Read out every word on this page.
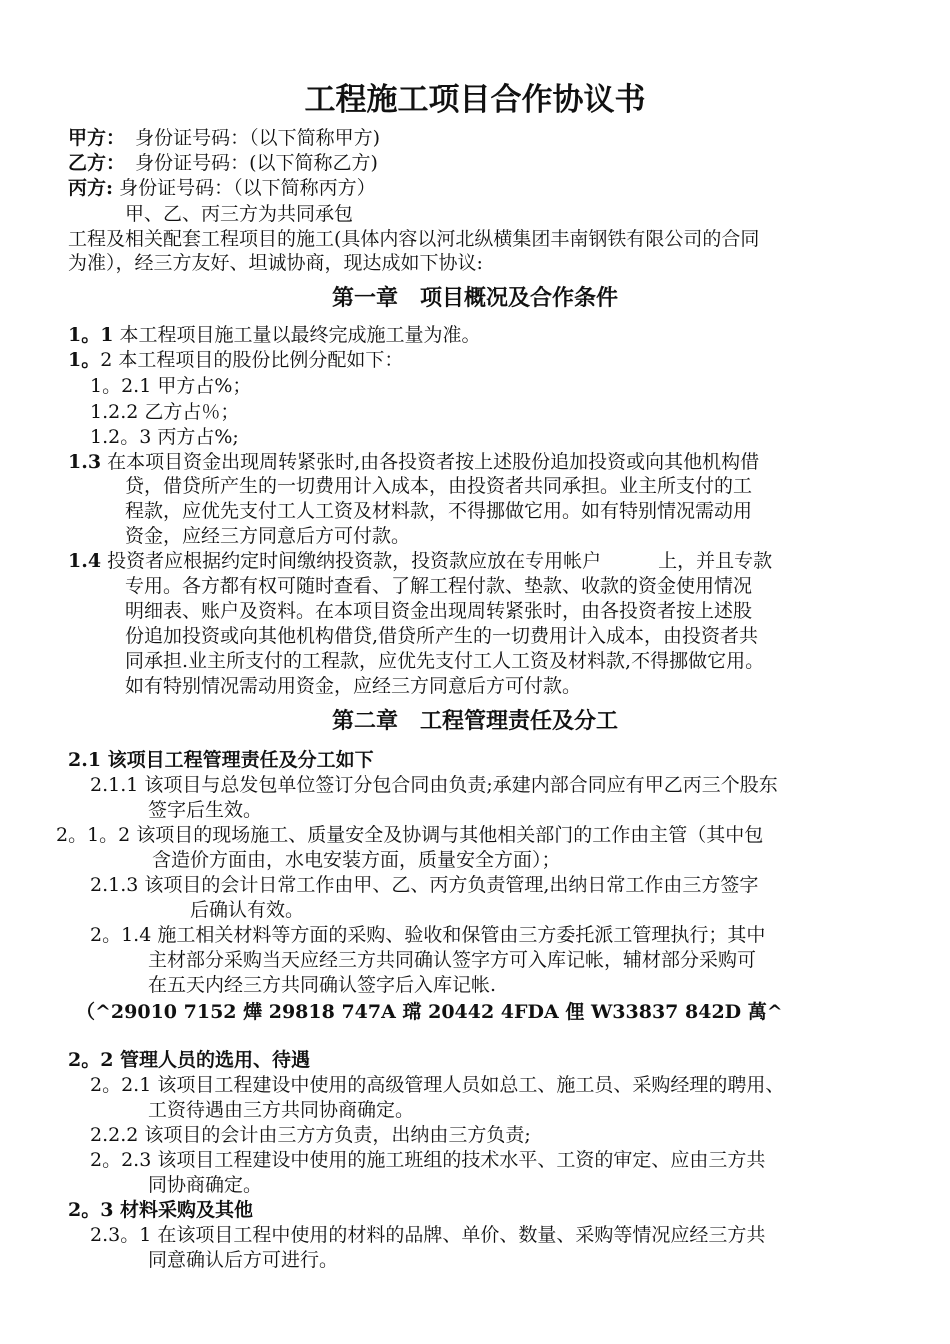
工程施工项目合作协议书
甲方： 身份证号码：（以下简称甲方)
乙方： 身份证号码：(以下简称乙方)
丙方: 身份证号码：（以下简称丙方）
甲、乙、丙三方为共同承包
工程及相关配套工程项目的施工(具体内容以河北纵横集团丰南钢铁有限公司的合同
为准），经三方友好、坦诚协商，现达成如下协议:
第一章　项目概况及合作条件
1。1 本工程项目施工量以最终完成施工量为准。
1。2 本工程项目的股份比例分配如下：
1。2.1 甲方占%；
1.2.2 乙方占％；
1.2。3 丙方占%;
1.3 在本项目资金出现周转紧张时,由各投资者按上述股份追加投资或向其他机构借
贷，借贷所产生的一切费用计入成本，由投资者共同承担。业主所支付的工
程款，应优先支付工人工资及材料款，不得挪做它用。如有特别情况需动用
资金，应经三方同意后方可付款。
1.4 投资者应根据约定时间缴纳投资款，投资款应放在专用帐户　　　上，并且专款
专用。各方都有权可随时查看、了解工程付款、垫款、收款的资金使用情况
明细表、账户及资料。在本项目资金出现周转紧张时，由各投资者按上述股
份追加投资或向其他机构借贷,借贷所产生的一切费用计入成本，由投资者共
同承担.业主所支付的工程款，应优先支付工人工资及材料款,不得挪做它用。
如有特别情况需动用资金，应经三方同意后方可付款。
第二章　工程管理责任及分工
2.1 该项目工程管理责任及分工如下
2.1.1 该项目与总发包单位签订分包合同由负责;承建内部合同应有甲乙丙三个股东
签字后生效。
2。1。2 该项目的现场施工、质量安全及协调与其他相关部门的工作由主管（其中包
含造价方面由，水电安装方面，质量安全方面）；
2.1.3 该项目的会计日常工作由甲、乙、丙方负责管理,出纳日常工作由三方签字
后确认有效。
2。1.4 施工相关材料等方面的采购、验收和保管由三方委托派工管理执行；其中
主材部分采购当天应经三方共同确认签字方可入库记帐，辅材部分采购可
在五天内经三方共同确认签字后入库记帐.
（^29010 7152 燁 29818 747A 瑺 20442 4FDA 俚 W33837 842D 萬^
2。2 管理人员的选用、待遇
2。2.1 该项目工程建设中使用的高级管理人员如总工、施工员、采购经理的聘用、
工资待遇由三方共同协商确定。
2.2.2 该项目的会计由三方方负责，出纳由三方负责;
2。2.3 该项目工程建设中使用的施工班组的技术水平、工资的审定、应由三方共
同协商确定。
2。3 材料采购及其他
2.3。1 在该项目工程中使用的材料的品牌、单价、数量、采购等情况应经三方共
同意确认后方可进行。
